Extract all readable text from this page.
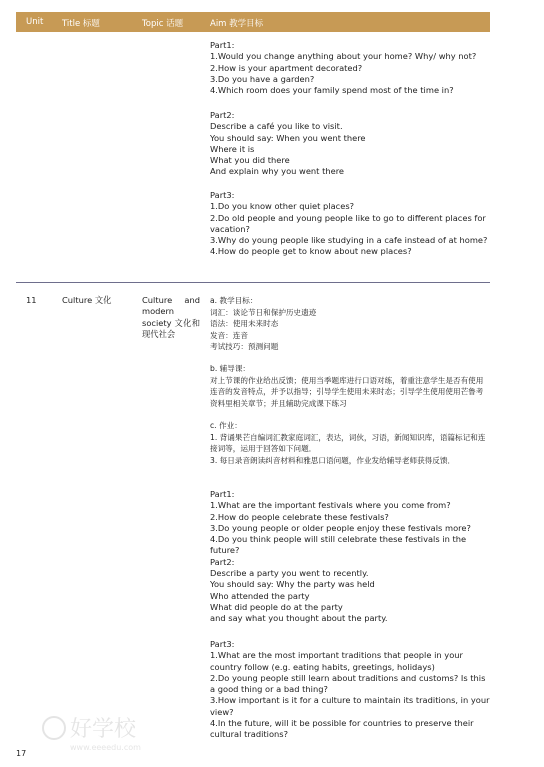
Unit Title 标题	Topic 话题	Aim 教学目标
Part1:
1.Would you change anything about your home? Why/ why not?
2.How is your apartment decorated?
3.Do you have a garden?
4.Which room does your family spend most of the time in?
Part2:
Describe a café you like to visit.
You should say: When you went there
Where it is
What you did there
And explain why you went there
Part3:
1.Do you know other quiet places?
2.Do old people and young people like to go to different places for vacation?
3.Why do young people like studying in a cafe instead of at home?
4.How do people get to know about new places?
11	Culture 文化	Culture and modern society 文化和现代社会
a. 教学目标：
词汇：谈论节日和保护历史遗迹
语法：使用未来时态
发音：连音
考试技巧：预测问题
b. 辅导课：
对上节课的作业给出反馈；使用当季题库进行口语对练，着重注意学生是否有使用连音的发音特点，并予以指导；引导学生使用未来时态；引导学生使用使用芒鲁考资料里相关章节；并且辅助完成课下练习
c. 作业：
1. 背诵果芒自编词汇教家庭词汇，表达，词伙，习语，新闻知识库，语篇标记和连接词等，运用于回答如下问题．
3. 每日录音朗读纠音材料和雅思口语问题，作业发给辅导老师获得反馈．
Part1:
1.What are the important festivals where you come from?
2.How do people celebrate these festivals?
3.Do young people or older people enjoy these festivals more?
4.Do you think people will still celebrate these festivals in the future?
Part2:
Describe a party you went to recently.
You should say: Why the party was held
Who attended the party
What did people do at the party
and say what you thought about the party.
Part3:
1.What are the most important traditions that people in your country follow (e.g. eating habits, greetings, holidays)
2.Do young people still learn about traditions and customs? Is this a good thing or a bad thing?
3.How important is it for a culture to maintain its traditions, in your view?
4.In the future, will it be possible for countries to preserve their cultural traditions?
好学校
www.eeeedu.com
17
